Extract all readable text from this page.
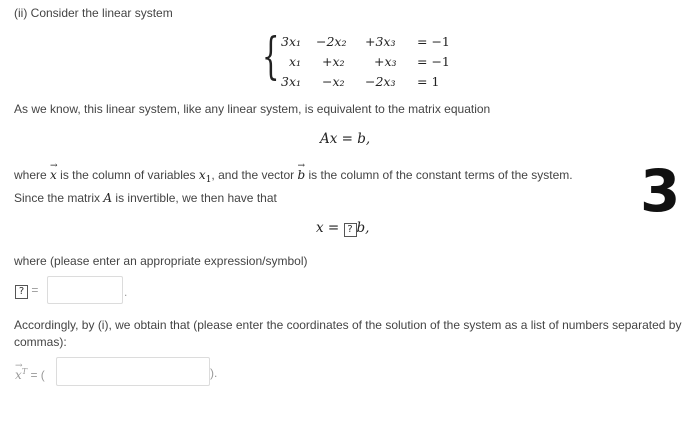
(ii) Consider the linear system
{ 3x₁ −2x₂ +3x₃ = −1
x₁ +x₂ +x₃ = −1
3x₁ −x₂ −2x₃ = 1
As we know, this linear system, like any linear system, is equivalent to the matrix equation
Ax = b,
where → x is the column of variables $x_1$, and the vector → b is the column of the constant terms of the system.
Since the matrix A is invertible, we then have that
x = ? b,
where (please enter an appropriate expression/symbol)
? =	.
Accordingly, by (i), we obtain that (please enter the coordinates of the solution of the system as a list of numbers separated by
commas):
→ $x^T$ = (	).
3
